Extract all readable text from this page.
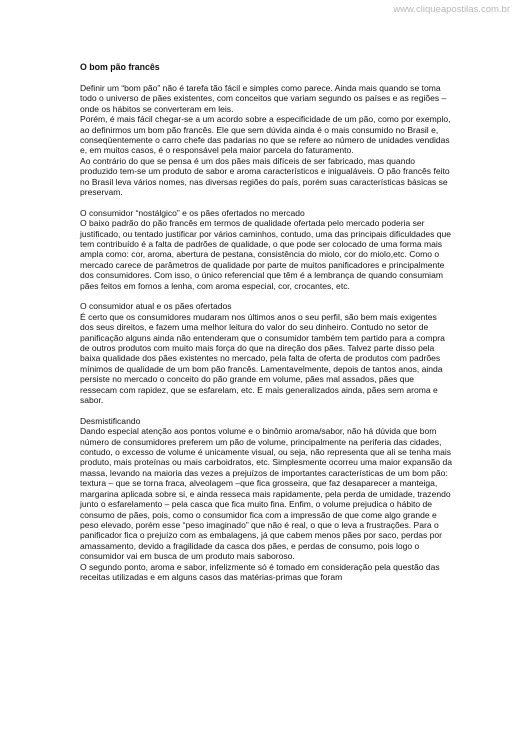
www.cliqueapostilas.com.br
O bom pão francês

Definir um “bom pão” não é tarefa tão fácil e simples como parece. Ainda mais quando se toma todo o universo de pães existentes, com conceitos que variam segundo os países e as regiões – onde os hábitos se converteram em leis.

Porém, é mais fácil chegar-se a um acordo sobre a especificidade de um pão, como por exemplo, ao definirmos um bom pão francês. Ele que sem dúvida ainda é o mais consumido no Brasil e, conseqüentemente o carro chefe das padarias no que se refere ao número de unidades vendidas e, em muitos casos, é o responsável pela maior parcela do faturamento.

Ao contrário do que se pensa é um dos pães mais difíceis de ser fabricado, mas quando produzido tem-se um produto de sabor e aroma característicos e inigualáveis. O pão francês feito no Brasil leva vários nomes, nas diversas regiões do país, porém suas características básicas se preservam.

O consumidor “nostálgico” e os pães ofertados no mercado

O baixo padrão do pão francês em termos de qualidade ofertada pelo mercado poderia ser justificado, ou tentado justificar por vários caminhos, contudo, uma das principais dificuldades que tem contribuído é a falta de padrões de qualidade, o que pode ser colocado de uma forma mais ampla como: cor, aroma, abertura de pestana, consistência do miolo, cor do miolo,etc. Como o mercado carece de parâmetros de qualidade por parte de muitos panificadores e principalmente dos consumidores. Com isso, o único referencial que têm é a lembrança de quando consumiam pães feitos em fornos a lenha, com aroma especial, cor, crocantes, etc.

O consumidor atual e os pães ofertados

É certo que os consumidores mudaram nos últimos anos o seu perfil, são bem mais exigentes dos seus direitos, e fazem uma melhor leitura do valor do seu dinheiro. Contudo no setor de panificação alguns ainda não entenderam que o consumidor também tem partido para a compra de outros produtos com muito mais força do que na direção dos pães. Talvez parte disso pela baixa qualidade dos pães existentes no mercado, pela falta de oferta de produtos com padrões mínimos de qualidade de um bom pão francês. Lamentavelmente, depois de tantos anos, ainda persiste no mercado o conceito do pão grande em volume, pães mal assados, pães que ressecam com rapidez, que se esfarelam, etc. E mais generalizados ainda, pães sem aroma e sabor.

Desmistificando

Dando especial atenção aos pontos volume e o binômio aroma/sabor, não há dúvida que bom número de consumidores preferem um pão de volume, principalmente na periferia das cidades, contudo, o excesso de volume é unicamente visual, ou seja, não representa que ali se tenha mais produto, mais proteínas ou mais carboidratos, etc. Simplesmente ocorreu uma maior expansão da massa, levando na maioria das vezes a prejuízos de importantes características de um bom pão: textura – que se torna fraca, alveolagem –que fica grosseira, que faz desaparecer a manteiga, margarina aplicada sobre si, e ainda resseca mais rapidamente, pela perda de umidade, trazendo junto o esfarelamento – pela casca que fica muito fina. Enfim, o volume prejudica o hábito de consumo de pães, pois, como o consumidor fica com a impressão de que come algo grande e peso elevado, porém esse “peso imaginado” que não é real, o que o leva a frustrações. Para o panificador fica o prejuízo com as embalagens, já que cabem menos pães por saco, perdas por amassamento, devido a fragilidade da casca dos pães, e perdas de consumo, pois logo o consumidor vai em busca de um produto mais saboroso.

O segundo ponto, aroma e sabor, infelizmente só é tomado em consideração pela questão das receitas utilizadas e em alguns casos das matérias-primas que foram
